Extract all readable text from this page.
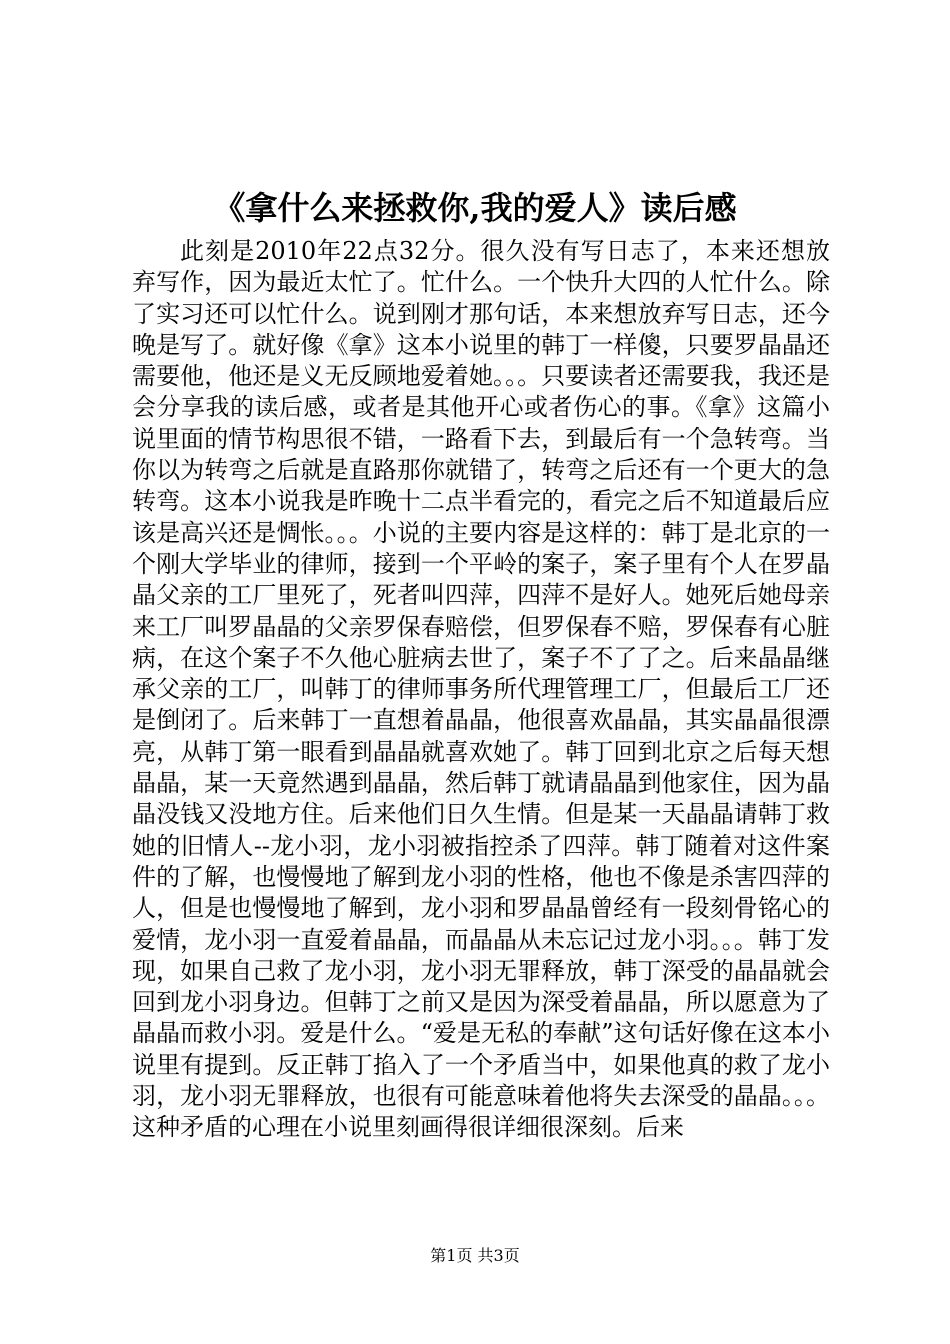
《拿什么来拯救你,我的爱人》读后感

此刻是2010年22点32分。很久没有写日志了，本来还想放弃写作，因为最近太忙了。忙什么。一个快升大四的人忙什么。除了实习还可以忙什么。说到刚才那句话，本来想放弃写日志，还今晚是写了。就好像《拿》这本小说里的韩丁一样傻，只要罗晶晶还需要他，他还是义无反顾地爱着她。。。只要读者还需要我，我还是会分享我的读后感，或者是其他开心或者伤心的事。《拿》这篇小说里面的情节构思很不错，一路看下去，到最后有一个急转弯。当你以为转弯之后就是直路那你就错了，转弯之后还有一个更大的急转弯。这本小说我是昨晚十二点半看完的，看完之后不知道最后应该是高兴还是惆怅。。。小说的主要内容是这样的：韩丁是北京的一个刚大学毕业的律师，接到一个平岭的案子，案子里有个人在罗晶晶父亲的工厂里死了，死者叫四萍，四萍不是好人。她死后她母亲来工厂叫罗晶晶的父亲罗保春赔偿，但罗保春不赔，罗保春有心脏病，在这个案子不久他心脏病去世了，案子不了了之。后来晶晶继承父亲的工厂，叫韩丁的律师事务所代理管理工厂，但最后工厂还是倒闭了。后来韩丁一直想着晶晶，他很喜欢晶晶，其实晶晶很漂亮，从韩丁第一眼看到晶晶就喜欢她了。韩丁回到北京之后每天想晶晶，某一天竟然遇到晶晶，然后韩丁就请晶晶到他家住，因为晶晶没钱又没地方住。后来他们日久生情。但是某一天晶晶请韩丁救她的旧情人--龙小羽，龙小羽被指控杀了四萍。韩丁随着对这件案件的了解，也慢慢地了解到龙小羽的性格，他也不像是杀害四萍的人，但是也慢慢地了解到，龙小羽和罗晶晶曾经有一段刻骨铭心的爱情，龙小羽一直爱着晶晶，而晶晶从未忘记过龙小羽。。。韩丁发现，如果自己救了龙小羽，龙小羽无罪释放，韩丁深受的晶晶就会回到龙小羽身边。但韩丁之前又是因为深受着晶晶，所以愿意为了晶晶而救小羽。爱是什么。“爱是无私的奉献”这句话好像在这本小说里有提到。反正韩丁掐入了一个矛盾当中，如果他真的救了龙小羽，龙小羽无罪释放，也很有可能意味着他将失去深受的晶晶。。。这种矛盾的心理在小说里刻画得很详细很深刻。后来

第1页 共3页
